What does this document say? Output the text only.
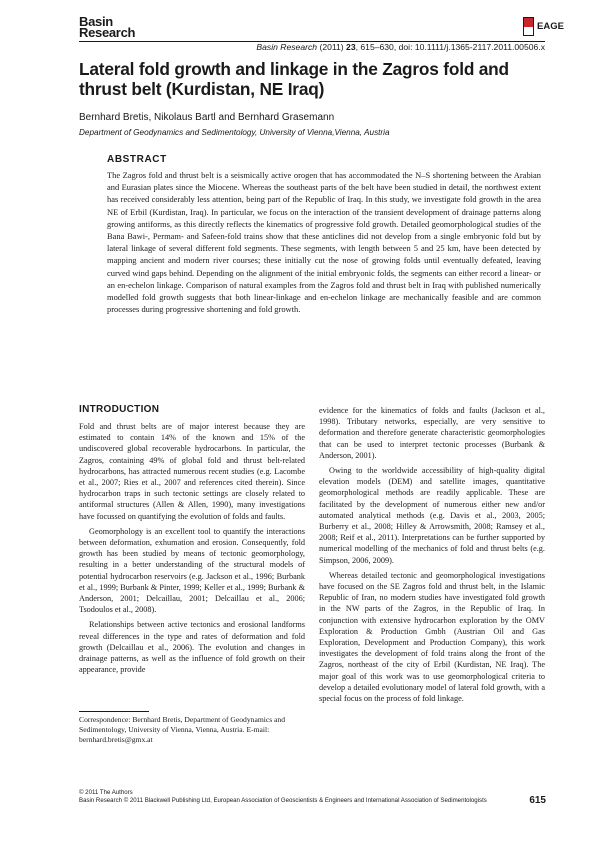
Basin
Research	EAGE
Basin Research (2011) 23, 615–630, doi: 10.1111/j.1365-2117.2011.00506.x
Lateral fold growth and linkage in the Zagros fold and thrust belt (Kurdistan, NE Iraq)
Bernhard Bretis, Nikolaus Bartl and Bernhard Grasemann
Department of Geodynamics and Sedimentology, University of Vienna,Vienna, Austria
ABSTRACT

The Zagros fold and thrust belt is a seismically active orogen that has accommodated the N–S shortening between the Arabian and Eurasian plates since the Miocene. Whereas the southeast parts of the belt have been studied in detail, the northwest extent has received considerably less attention, being part of the Republic of Iraq. In this study, we investigate fold growth in the area NE of Erbil (Kurdistan, Iraq). In particular, we focus on the interaction of the transient development of drainage patterns along growing antiforms, as this directly reflects the kinematics of progressive fold growth. Detailed geomorphological studies of the Bana Bawi-, Permam- and Safeen-fold trains show that these anticlines did not develop from a single embryonic fold but by lateral linkage of several different fold segments. These segments, with length between 5 and 25 km, have been detected by mapping ancient and modern river courses; these initially cut the nose of growing folds until eventually defeated, leaving curved wind gaps behind. Depending on the alignment of the initial embryonic folds, the segments can either record a linear- or an en-echelon linkage. Comparison of natural examples from the Zagros fold and thrust belt in Iraq with published numerically modelled fold growth suggests that both linear-linkage and en-echelon linkage are mechanically feasible and are common processes during progressive shortening and fold growth.

INTRODUCTION

Fold and thrust belts are of major interest because they are estimated to contain 14% of the known and 15% of the undiscovered global recoverable hydrocarbons. In particular, the Zagros, containing 49% of global fold and thrust belt-related hydrocarbons, has attracted numerous recent studies (e.g. Lacombe et al., 2007; Ries et al., 2007 and references cited therein). Since hydrocarbon traps in such tectonic settings are closely related to antiformal structures (Allen & Allen, 1990), many investigations have focussed on quantifying the evolution of folds and faults.

Geomorphology is an excellent tool to quantify the interactions between deformation, exhumation and erosion. Consequently, fold growth has been studied by means of tectonic geomorphology, resulting in a better understanding of the structural models of potential hydrocarbon reservoirs (e.g. Jackson et al., 1996; Burbank et al., 1999; Burbank & Pinter, 1999; Keller et al., 1999; Burbank & Anderson, 2001; Delcaillau, 2001; Delcaillau et al., 2006; Tsodoulos et al., 2008).

Relationships between active tectonics and erosional landforms reveal differences in the type and rates of deformation and fold growth (Delcaillau et al., 2006). The evolution and changes in drainage patterns, as well as the influence of fold growth on their appearance, provide

evidence for the kinematics of folds and faults (Jackson et al., 1998). Tributary networks, especially, are very sensitive to deformation and therefore generate characteristic geomorphologies that can be used to interpret tectonic processes (Burbank & Anderson, 2001).

Owing to the worldwide accessibility of high-quality digital elevation models (DEM) and satellite images, quantitative geomorphological methods are readily applicable. These are facilitated by the development of numerous either new and/or automated analytical methods (e.g. Davis et al., 2003, 2005; Burberry et al., 2008; Hilley & Arrowsmith, 2008; Ramsey et al., 2008; Reif et al., 2011). Interpretations can be further supported by numerical modelling of the mechanics of fold and thrust belts (e.g. Simpson, 2006, 2009).

Whereas detailed tectonic and geomorphological investigations have focused on the SE Zagros fold and thrust belt, in the Islamic Republic of Iran, no modern studies have investigated fold growth in the NW parts of the Zagros, in the Republic of Iraq. In conjunction with extensive hydrocarbon exploration by the OMV Exploration & Production Gmbh (Austrian Oil and Gas Exploration, Development and Production Company), this work investigates the development of fold trains along the front of the Zagros, northeast of the city of Erbil (Kurdistan, NE Iraq). The major goal of this work was to use geomorphological criteria to develop a detailed evolutionary model of lateral fold growth, with a special focus on the process of fold linkage.

Correspondence: Bernhard Bretis, Department of Geodynamics and Sedimentology, University of Vienna, Vienna, Austria. E-mail: bernhard.bretis@gmx.at
© 2011 The Authors
Basin Research © 2011 Blackwell Publishing Ltd, European Association of Geoscientists & Engineers and International Association of Sedimentologists	615
